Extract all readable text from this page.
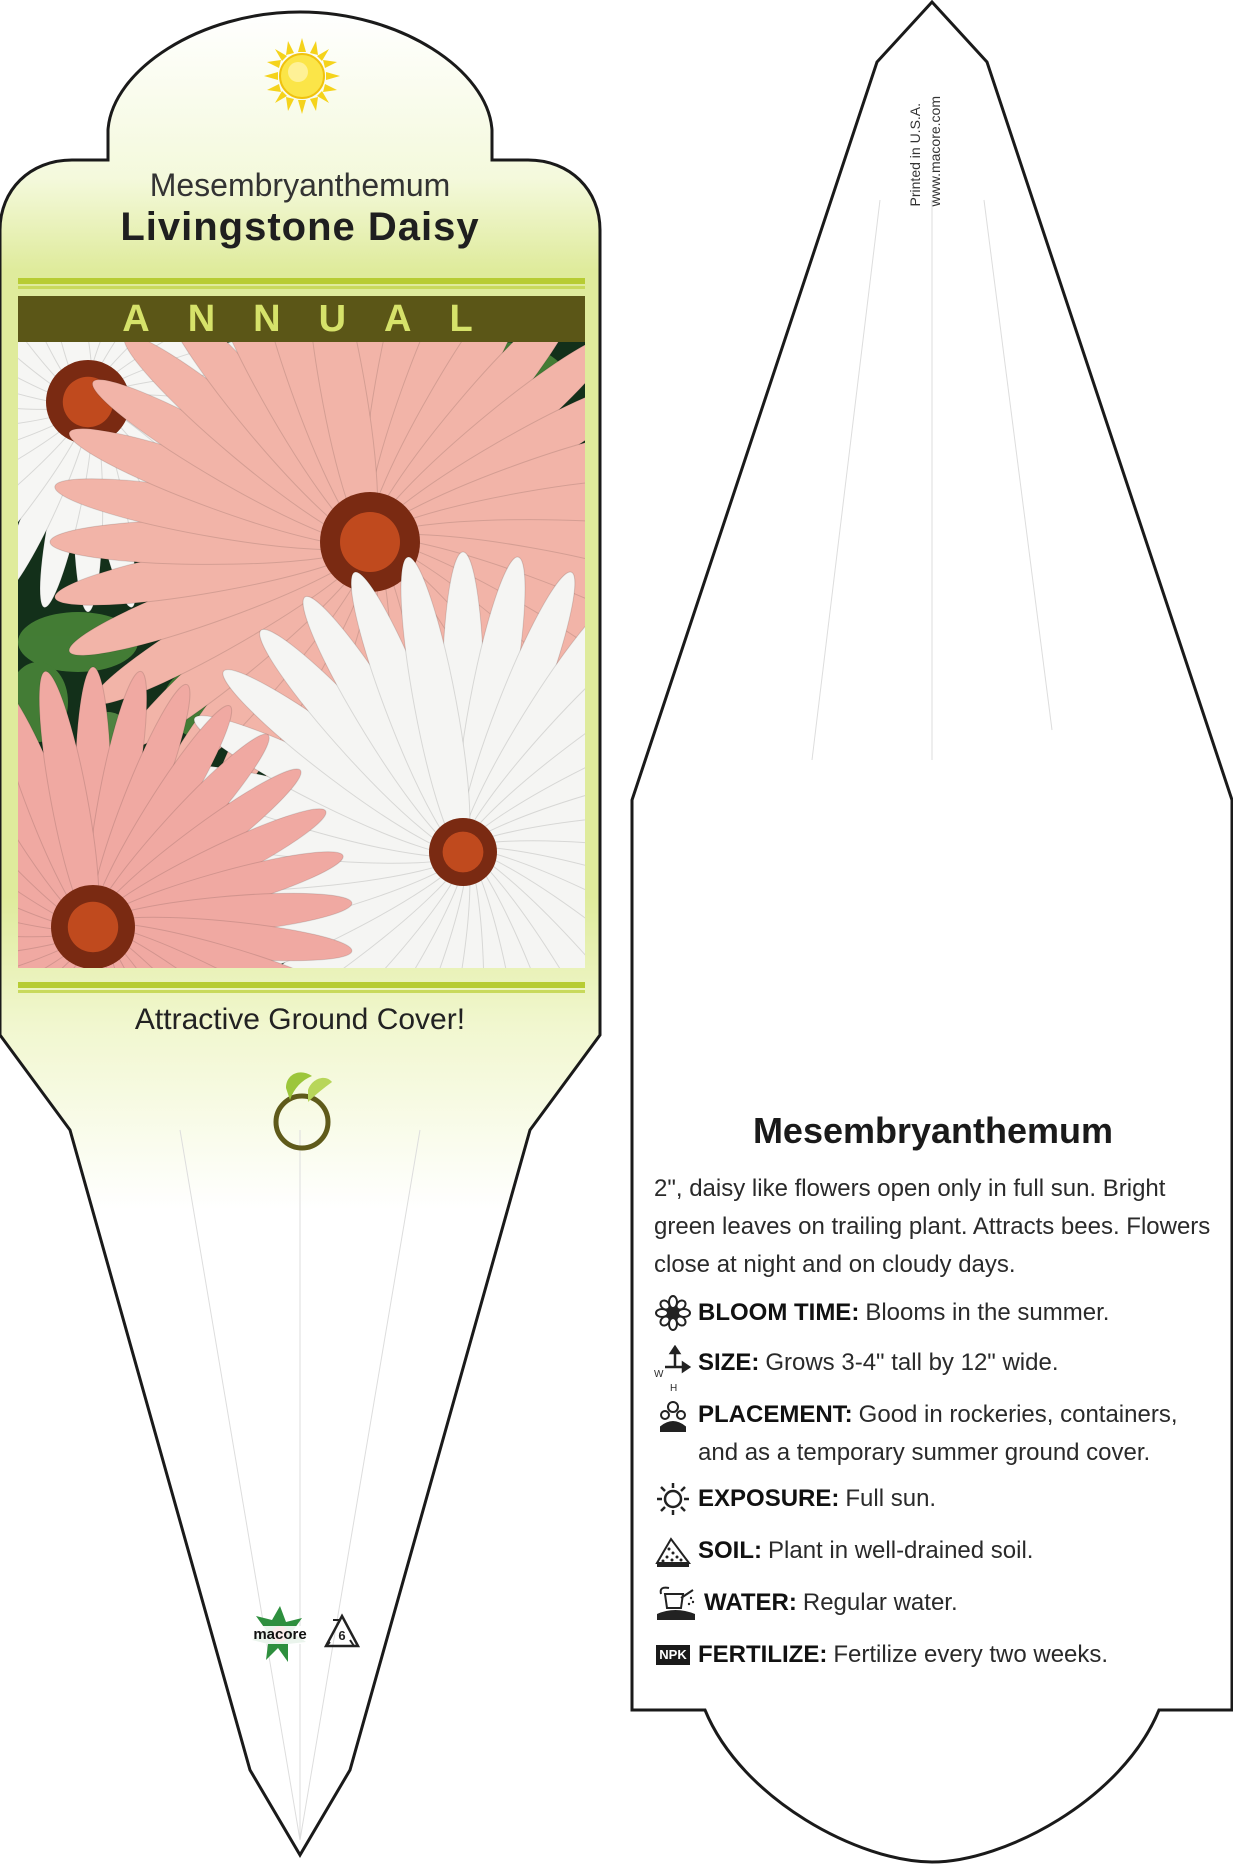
Mesembryanthemum
Livingstone Daisy
ANNUAL
Attractive Ground Cover!
macore	6
Printed in U.S.A. www.macore.com
Mesembryanthemum
2", daisy like flowers open only in full sun. Bright green leaves on trailing plant. Attracts bees. Flowers close at night and on cloudy days.
BLOOM TIME: Blooms in the summer.
W
H
SIZE: Grows 3-4" tall by 12" wide.
PLACEMENT: Good in rockeries, containers, and as a temporary summer ground cover.
EXPOSURE: Full sun.
SOIL: Plant in well-drained soil.
WATER: Regular water.
NPK FERTILIZE: Fertilize every two weeks.
